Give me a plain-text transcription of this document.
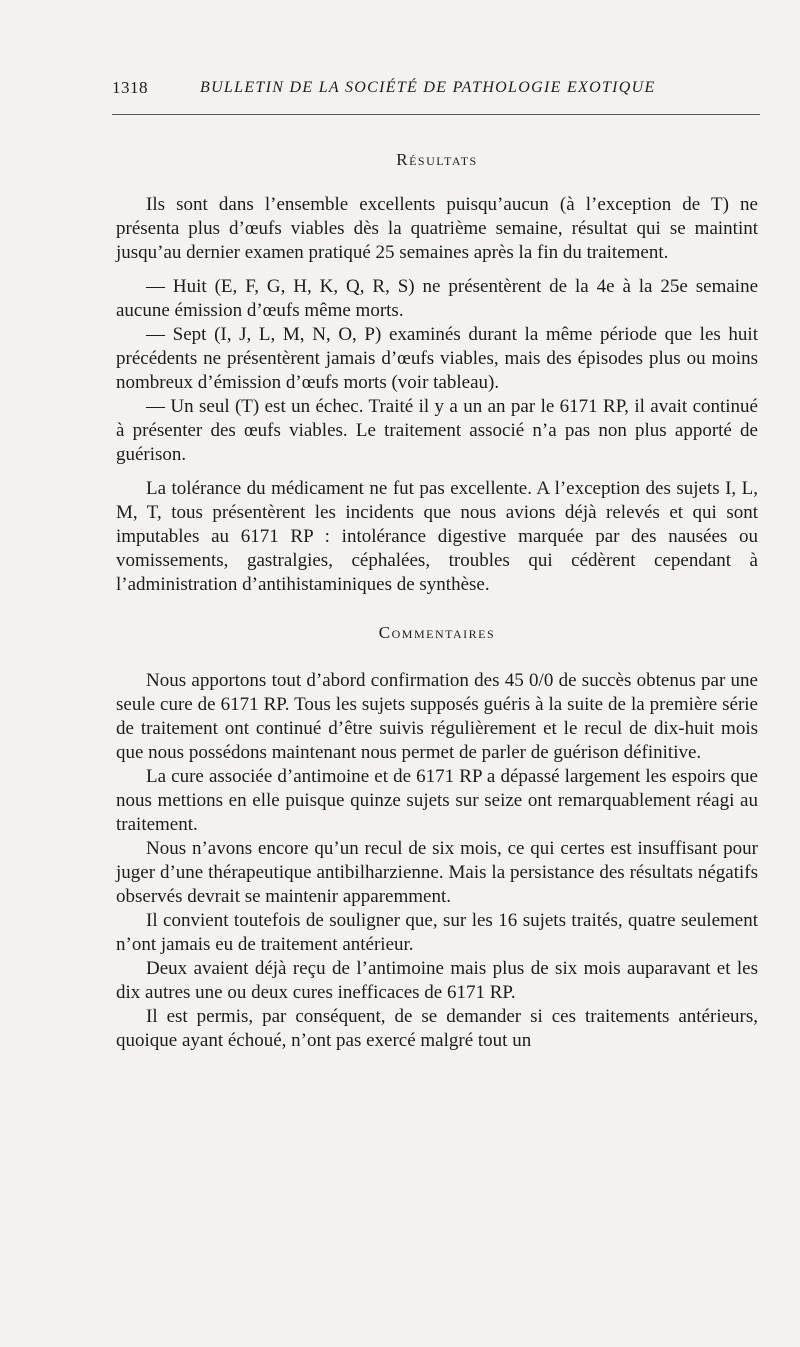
1318	BULLETIN DE LA SOCIÉTÉ DE PATHOLOGIE EXOTIQUE
Résultats

Ils sont dans l’ensemble excellents puisqu’aucun (à l’exception de T) ne présenta plus d’œufs viables dès la quatrième semaine, résultat qui se maintint jusqu’au dernier examen pratiqué 25 semaines après la fin du traitement.

— Huit (E, F, G, H, K, Q, R, S) ne présentèrent de la 4e à la 25e semaine aucune émission d’œufs même morts.

— Sept (I, J, L, M, N, O, P) examinés durant la même période que les huit précédents ne présentèrent jamais d’œufs viables, mais des épisodes plus ou moins nombreux d’émission d’œufs morts (voir tableau).

— Un seul (T) est un échec. Traité il y a un an par le 6171 RP, il avait continué à présenter des œufs viables. Le traitement associé n’a pas non plus apporté de guérison.

La tolérance du médicament ne fut pas excellente. A l’exception des sujets I, L, M, T, tous présentèrent les incidents que nous avions déjà relevés et qui sont imputables au 6171 RP : intolérance digestive marquée par des nausées ou vomissements, gastralgies, céphalées, troubles qui cédèrent cependant à l’administration d’antihistaminiques de synthèse.

Commentaires

Nous apportons tout d’abord confirmation des 45 0/0 de succès obtenus par une seule cure de 6171 RP. Tous les sujets supposés guéris à la suite de la première série de traitement ont continué d’être suivis régulièrement et le recul de dix-huit mois que nous possédons maintenant nous permet de parler de guérison définitive.

La cure associée d’antimoine et de 6171 RP a dépassé largement les espoirs que nous mettions en elle puisque quinze sujets sur seize ont remarquablement réagi au traitement.

Nous n’avons encore qu’un recul de six mois, ce qui certes est insuffisant pour juger d’une thérapeutique antibilharzienne. Mais la persistance des résultats négatifs observés devrait se maintenir apparemment.

Il convient toutefois de souligner que, sur les 16 sujets traités, quatre seulement n’ont jamais eu de traitement antérieur.

Deux avaient déjà reçu de l’antimoine mais plus de six mois auparavant et les dix autres une ou deux cures inefficaces de 6171 RP.

Il est permis, par conséquent, de se demander si ces traitements antérieurs, quoique ayant échoué, n’ont pas exercé malgré tout un
